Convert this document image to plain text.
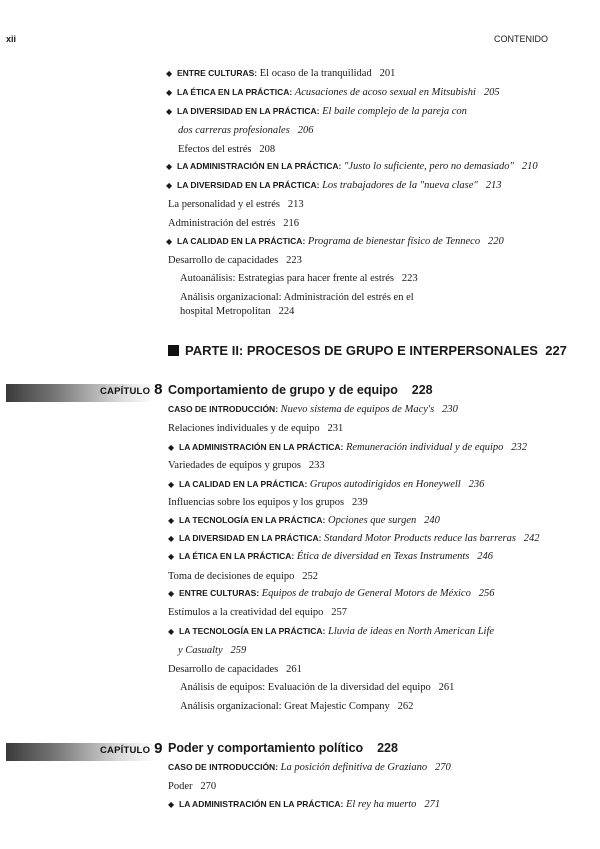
xii	CONTENIDO
◆ ENTRE CULTURAS: El ocaso de la tranquilidad 201
◆ LA ÉTICA EN LA PRÁCTICA: Acusaciones de acoso sexual en Mitsubishi 205
◆ LA DIVERSIDAD EN LA PRÁCTICA: El baile complejo de la pareja con
dos carreras profesionales 206
Efectos del estrés 208
◆ LA ADMINISTRACIÓN EN LA PRÁCTICA: "Justo lo suficiente, pero no demasiado" 210
◆ LA DIVERSIDAD EN LA PRÁCTICA: Los trabajadores de la "nueva clase" 213
La personalidad y el estrés 213
Administración del estrés 216
◆ LA CALIDAD EN LA PRÁCTICA: Programa de bienestar físico de Tenneco 220
Desarrollo de capacidades 223
Autoanálisis: Estrategias para hacer frente al estrés 223
Análisis organizacional: Administración del estrés en el
hospital Metropolitan 224
PARTE II: PROCESOS DE GRUPO E INTERPERSONALES 227
CAPÍTULO 8 Comportamiento de grupo y de equipo 228
CASO DE INTRODUCCIÓN: Nuevo sistema de equipos de Macy's 230
Relaciones individuales y de equipo 231
◆ LA ADMINISTRACIÓN EN LA PRÁCTICA: Remuneración individual y de equipo 232
Variedades de equipos y grupos 233
◆ LA CALIDAD EN LA PRÁCTICA: Grupos autodirigidos en Honeywell 236
Influencias sobre los equipos y los grupos 239
◆ LA TECNOLOGÍA EN LA PRÁCTICA: Opciones que surgen 240
◆ LA DIVERSIDAD EN LA PRÁCTICA: Standard Motor Products reduce las barreras 242
◆ LA ÉTICA EN LA PRÁCTICA: Ética de diversidad en Texas Instruments 246
Toma de decisiones de equipo 252
◆ ENTRE CULTURAS: Equipos de trabajo de General Motors de México 256
Estímulos a la creatividad del equipo 257
◆ LA TECNOLOGÍA EN LA PRÁCTICA: Lluvia de ideas en North American Life
y Casualty 259
Desarrollo de capacidades 261
Análisis de equipos: Evaluación de la diversidad del equipo 261
Análisis organizacional: Great Majestic Company 262
CAPÍTULO 9 Poder y comportamiento político 228
CASO DE INTRODUCCIÓN: La posición definitiva de Graziano 270
Poder 270
◆ LA ADMINISTRACIÓN EN LA PRÁCTICA: El rey ha muerto 271
